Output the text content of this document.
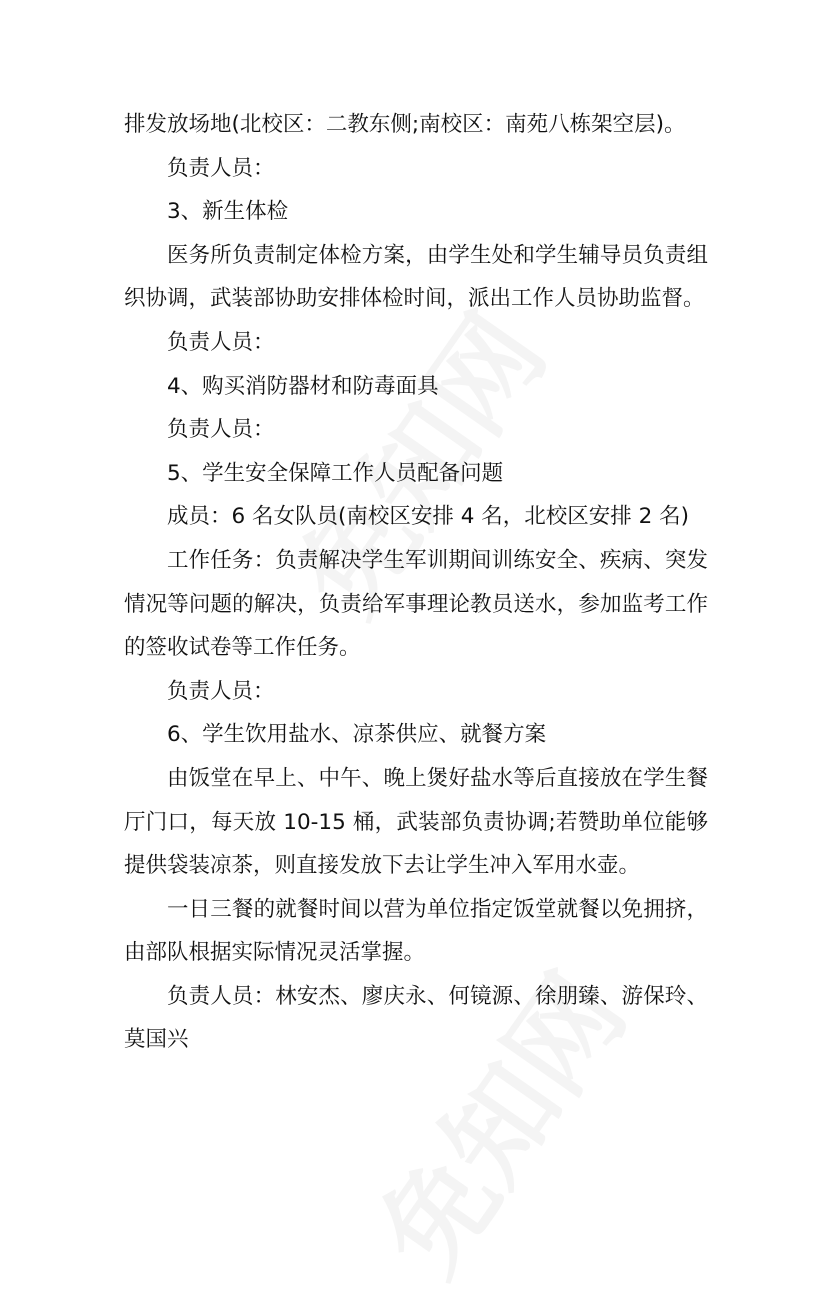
排发放场地(北校区：二教东侧;南校区：南苑八栋架空层)。

负责人员：

3、新生体检

医务所负责制定体检方案，由学生处和学生辅导员负责组织协调，武装部协助安排体检时间，派出工作人员协助监督。

负责人员：

4、购买消防器材和防毒面具

负责人员：

5、学生安全保障工作人员配备问题

成员：6 名女队员(南校区安排 4 名，北校区安排 2 名)

工作任务：负责解决学生军训期间训练安全、疾病、突发情况等问题的解决，负责给军事理论教员送水，参加监考工作的签收试卷等工作任务。

负责人员：

6、学生饮用盐水、凉茶供应、就餐方案

由饭堂在早上、中午、晚上煲好盐水等后直接放在学生餐厅门口，每天放 10-15 桶，武装部负责协调;若赞助单位能够提供袋装凉茶，则直接发放下去让学生冲入军用水壶。

一日三餐的就餐时间以营为单位指定饭堂就餐以免拥挤，由部队根据实际情况灵活掌握。

负责人员：林安杰、廖庆永、何镜源、徐朋臻、游保玲、莫国兴
